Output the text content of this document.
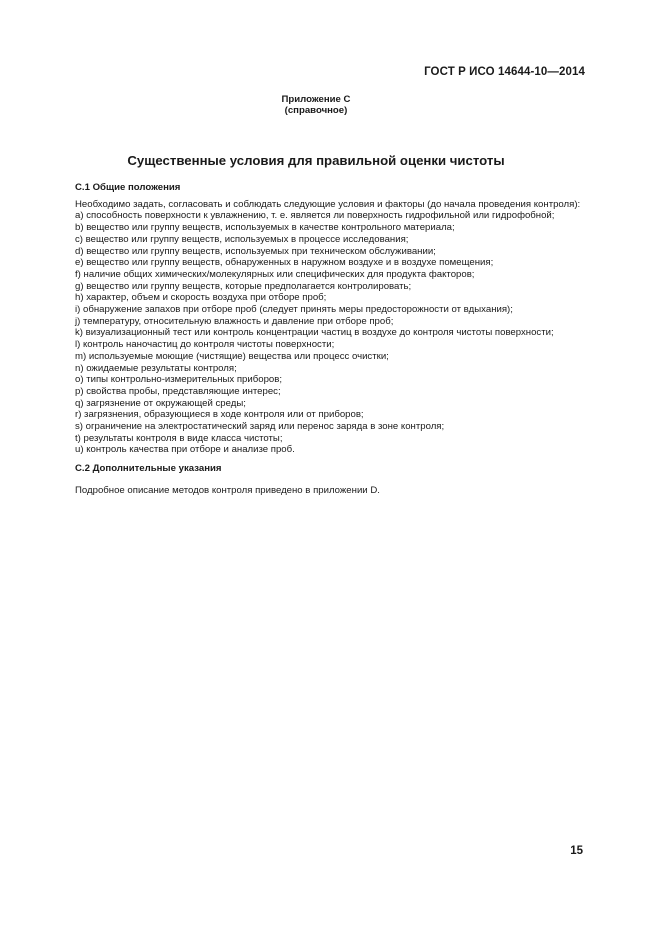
ГОСТ Р ИСО 14644-10—2014
Приложение С
(справочное)
Существенные условия для правильной оценки чистоты
С.1 Общие положения

Необходимо задать, согласовать и соблюдать следующие условия и факторы (до начала проведения контроля):

a) способность поверхности к увлажнению, т. е. является ли поверхность гидрофильной или гидрофобной;
b) вещество или группу веществ, используемых в качестве контрольного материала;
c) вещество или группу веществ, используемых в процессе исследования;
d) вещество или группу веществ, используемых при техническом обслуживании;
e) вещество или группу веществ, обнаруженных в наружном воздухе и в воздухе помещения;
f) наличие общих химических/молекулярных или специфических для продукта факторов;
g) вещество или группу веществ, которые предполагается контролировать;
h) характер, объем и скорость воздуха при отборе проб;
i) обнаружение запахов при отборе проб (следует принять меры предосторожности от вдыхания);
j) температуру, относительную влажность и давление при отборе проб;
k) визуализационный тест или контроль концентрации частиц в воздухе до контроля чистоты поверхности;
l) контроль наночастиц до контроля чистоты поверхности;
m) используемые моющие (чистящие) вещества или процесс очистки;
n) ожидаемые результаты контроля;
o) типы контрольно-измерительных приборов;
p) свойства пробы, представляющие интерес;
q) загрязнение от окружающей среды;
r) загрязнения, образующиеся в ходе контроля или от приборов;
s) ограничение на электростатический заряд или перенос заряда в зоне контроля;
t) результаты контроля в виде класса чистоты;
u) контроль качества при отборе и анализе проб.
С.2 Дополнительные указания

Подробное описание методов контроля приведено в приложении D.

15
